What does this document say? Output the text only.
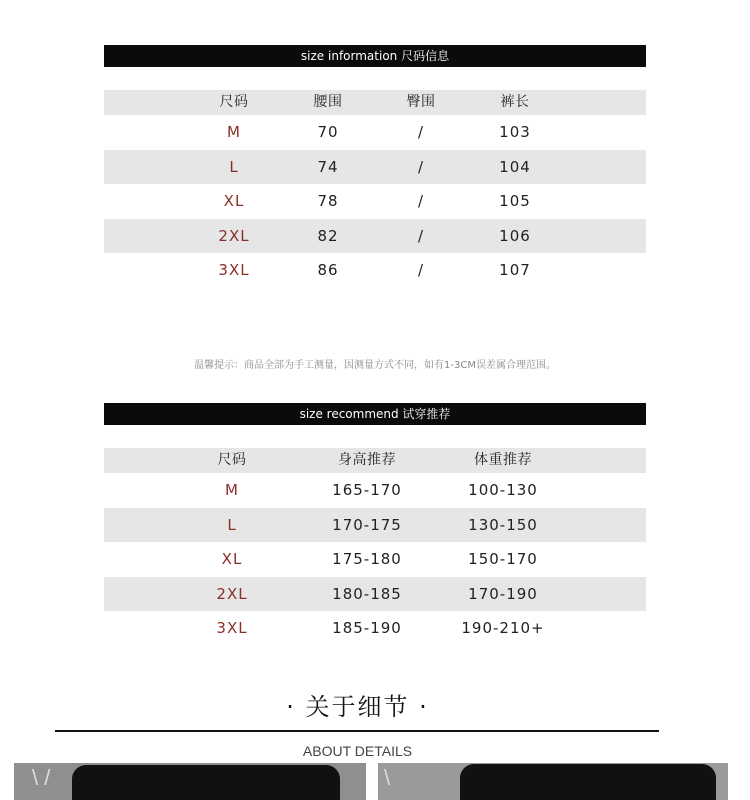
size information 尺码信息
尺码	腰围	臀围	裤长
M	70	/	103
L	74	/	104
XL	78	/	105
2XL	82	/	106
3XL	86	/	107
温馨提示：商品全部为手工测量，因测量方式不同，如有1-3CM误差属合理范围。
size recommend 试穿推荐
尺码	身高推荐	体重推荐
M	165-170	100-130
L	170-175	130-150
XL	175-180	150-170
2XL	180-185	170-190
3XL	185-190	190-210+
· 关于细节 ·
ABOUT DETAILS
\ /	\
